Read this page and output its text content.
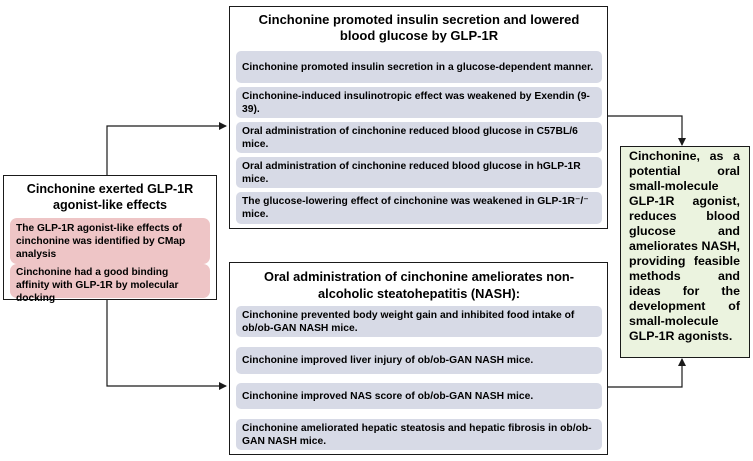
Cinchonine exerted GLP-1R agonist-like effects
The GLP-1R agonist-like effects of cinchonine was identified by CMap analysis
Cinchonine had a good binding affinity with GLP-1R by molecular docking
Cinchonine promoted insulin secretion and lowered blood glucose by GLP-1R
Cinchonine promoted insulin secretion in a glucose-dependent manner.
Cinchonine-induced insulinotropic effect was weakened by Exendin (9-39).
Oral administration of cinchonine reduced blood glucose in C57BL/6 mice.
Oral administration of cinchonine reduced blood glucose in hGLP-1R mice.
The glucose-lowering effect of cinchonine was weakened in GLP-1R⁻/⁻ mice.
Oral administration of cinchonine ameliorates non-alcoholic steatohepatitis (NASH):
Cinchonine prevented body weight gain and inhibited food intake of ob/ob-GAN NASH mice.
Cinchonine improved liver injury of ob/ob-GAN NASH mice.
Cinchonine improved NAS score of ob/ob-GAN NASH mice.
Cinchonine ameliorated hepatic steatosis and hepatic fibrosis in ob/ob-GAN NASH mice.
Cinchonine, as a potential oral small-molecule GLP-1R agonist, reduces blood glucose and ameliorates NASH, providing feasible methods and ideas for the development of small-molecule GLP-1R agonists.
